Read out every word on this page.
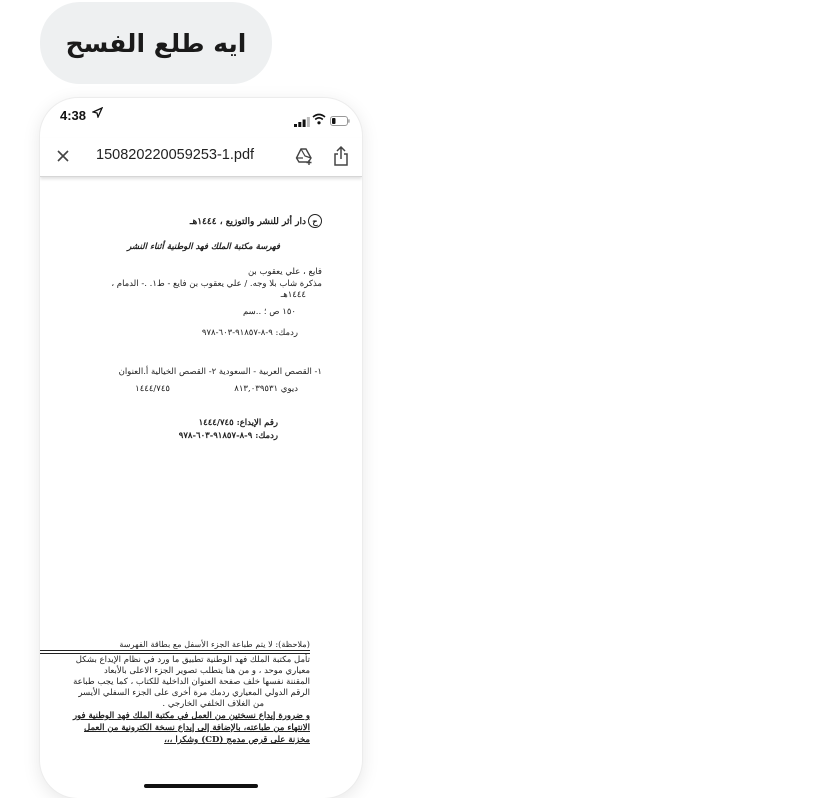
ايه طلع الفسح
4:38
150820220059253-1.pdf
حدار أثر للنشر والتوزيع ، ١٤٤٤هـ
فهرسة مكتبة الملك فهد الوطنية أثناء النشر
فايع ، علي يعقوب بن
مذكرة شاب بلا وجه. / علي يعقوب بن فايع - ط١. .- الدمام ،
١٤٤٤هـ
١٥٠ ص ؛ ..سم
ردمك: ٩-٨-٩١٨٥٧-٦٠٣-٩٧٨
١- القصص العربية - السعودية ٢- القصص الخيالية أ.العنوان
ديوي ٨١٣,٠٣٩٥٣١
١٤٤٤/٧٤٥
رقم الإيداع: ١٤٤٤/٧٤٥
ردمك: ٩-٨-٩١٨٥٧-٦٠٣-٩٧٨
(ملاحظة): لا يتم طباعة الجزء الأسفل مع بطاقة الفهرسة
تأمل مكتبة الملك فهد الوطنية تطبيق ما ورد في نظام الإيداع بشكل
معياري موحد ، و من هنا يتطلب تصوير الجزء الاعلى بالأبعاد
المقننة نفسها خلف صفحة العنوان الداخلية للكتاب ، كما يجب طباعة
الرقم الدولي المعياري ردمك مرة أخرى على الجزء السفلي الأيسر
من الغلاف الخلفي الخارجي .
و ضرورة إيداع نسختين من العمل في مكتبة الملك فهد الوطنية فور
الانتهاء من طباعته، بالإضافة إلى إيداع نسخة الكترونية من العمل
مخزنة على قرص مدمج (CD) وشكرا ،،،
